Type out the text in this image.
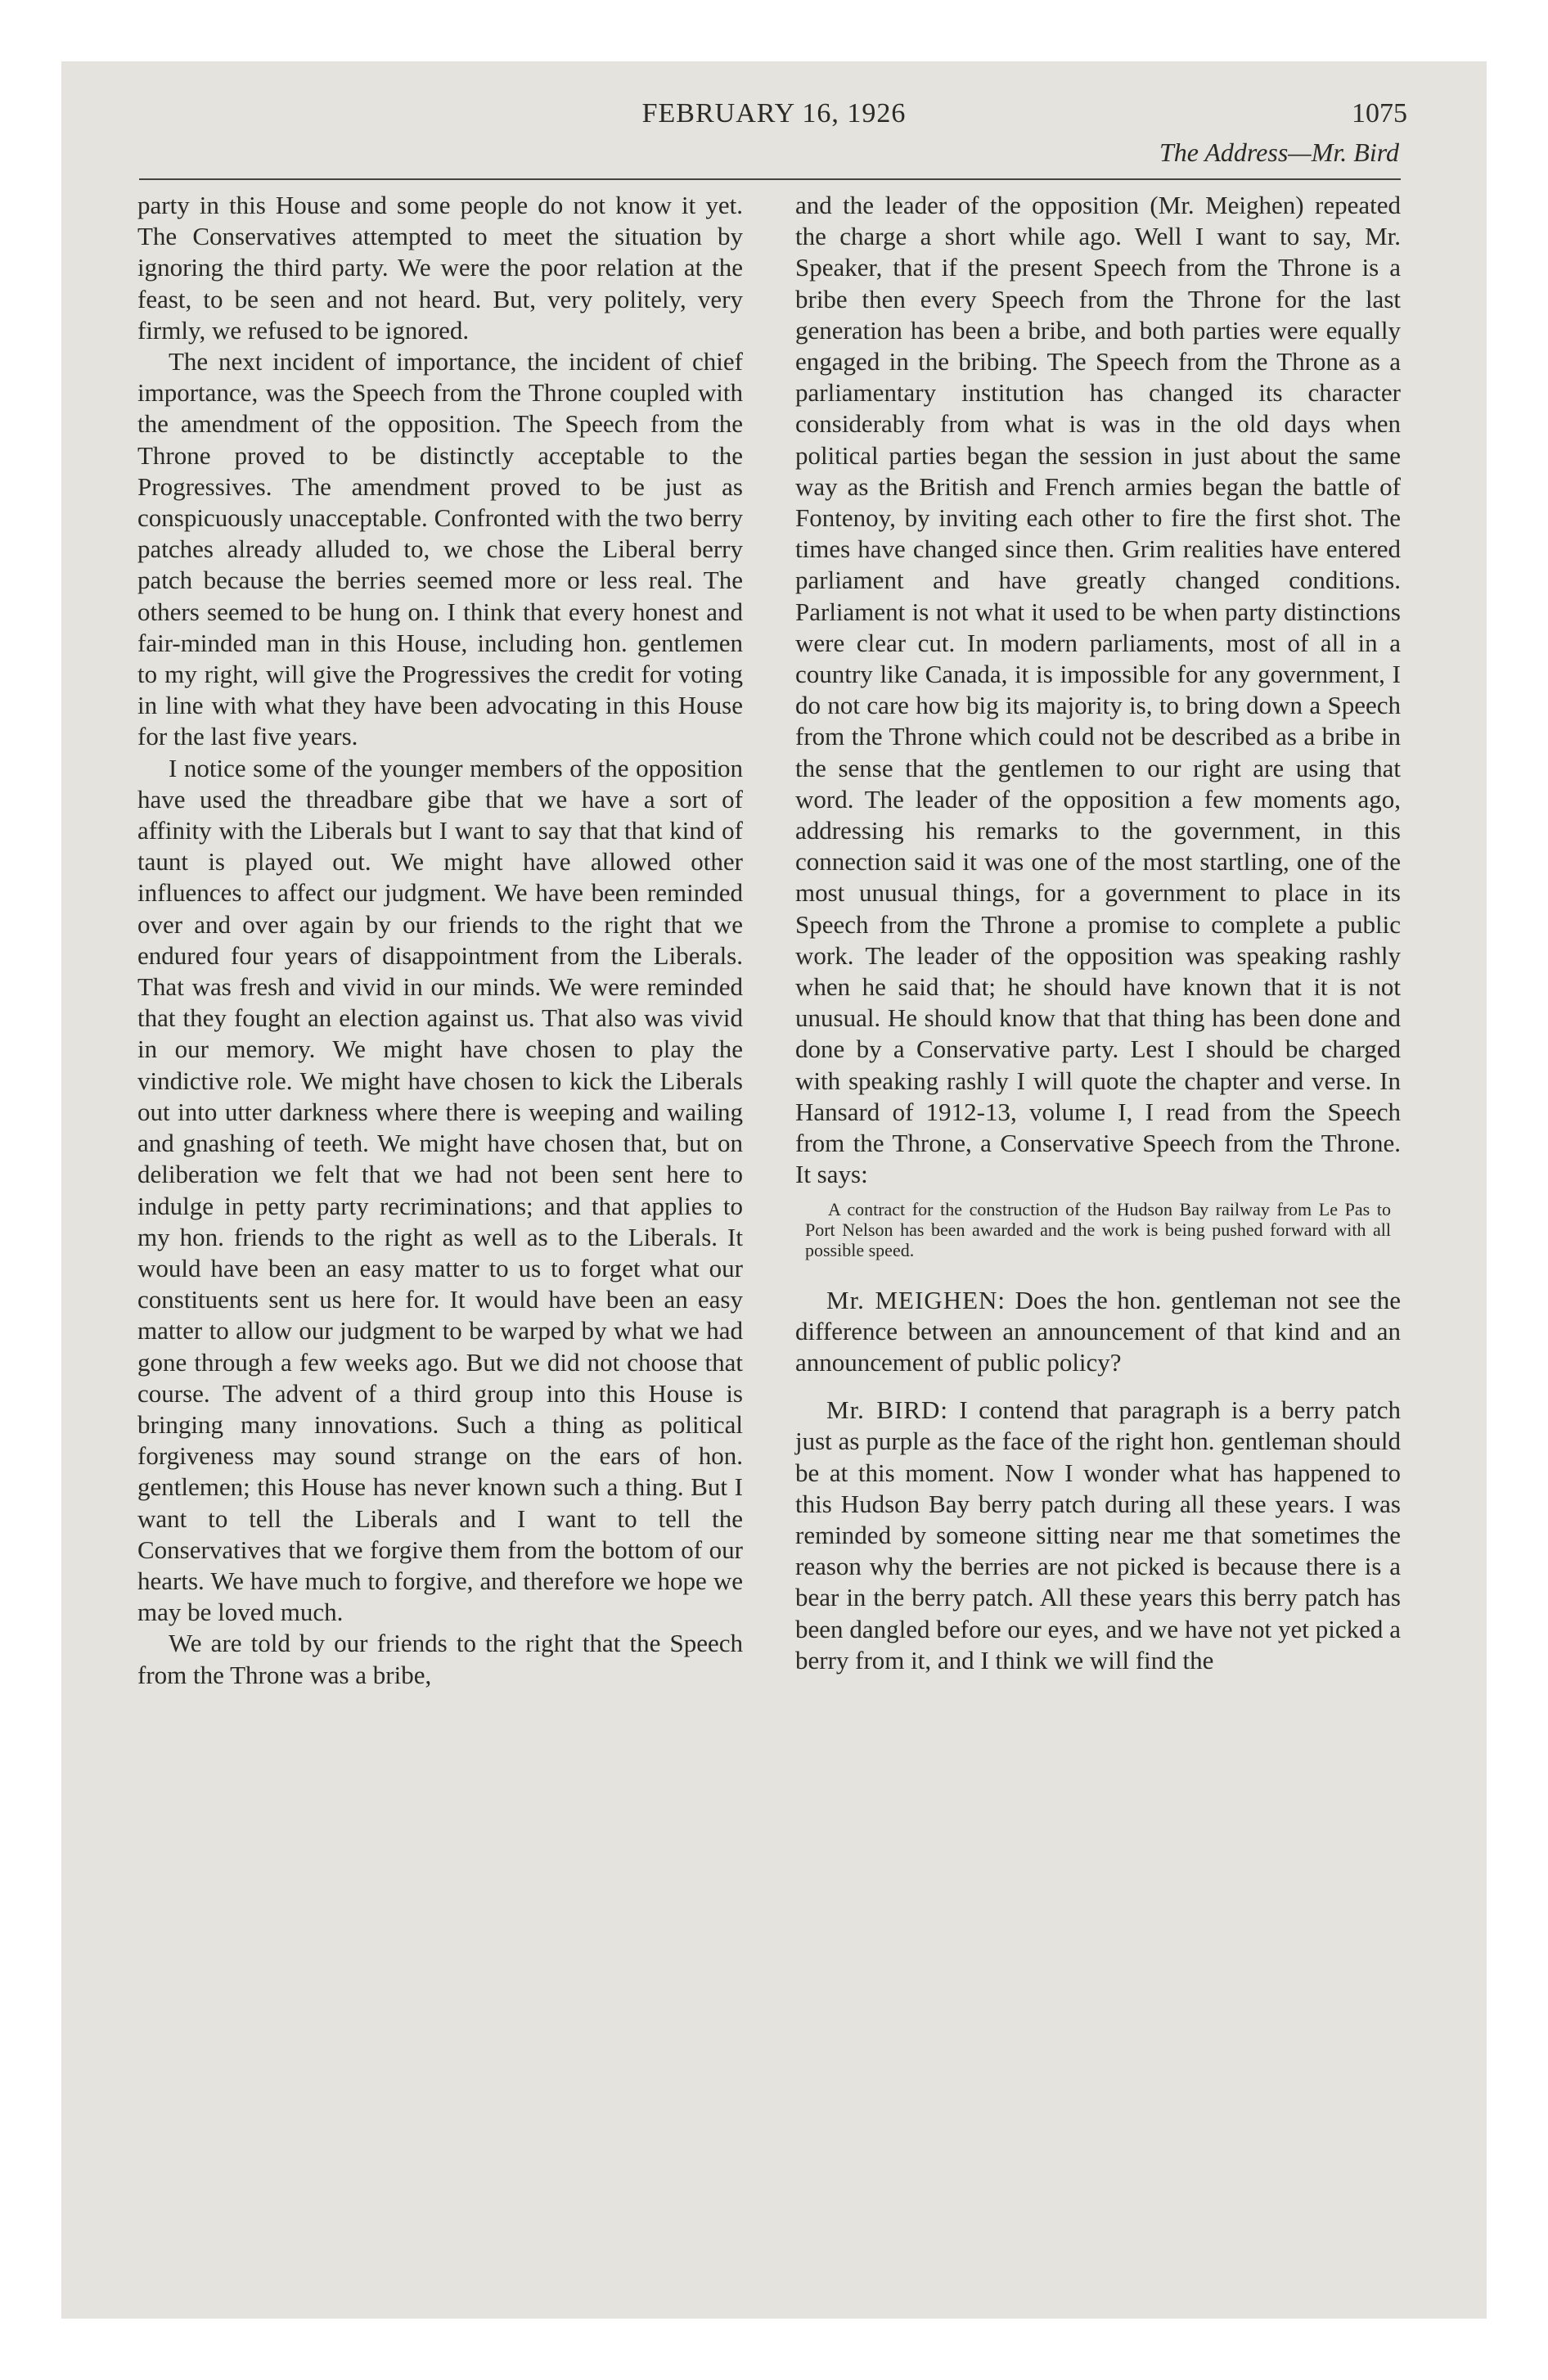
FEBRUARY 16, 1926	1075
The Address—Mr. Bird

party in this House and some people do not know it yet. The Conservatives attempted to meet the situation by ignoring the third party. We were the poor relation at the feast, to be seen and not heard. But, very politely, very firmly, we refused to be ignored.

The next incident of importance, the incident of chief importance, was the Speech from the Throne coupled with the amendment of the opposition. The Speech from the Throne proved to be distinctly acceptable to the Progressives. The amendment proved to be just as conspicuously unacceptable. Confronted with the two berry patches already alluded to, we chose the Liberal berry patch because the berries seemed more or less real. The others seemed to be hung on. I think that every honest and fair-minded man in this House, including hon. gentlemen to my right, will give the Progressives the credit for voting in line with what they have been advocating in this House for the last five years.

I notice some of the younger members of the opposition have used the threadbare gibe that we have a sort of affinity with the Liberals but I want to say that that kind of taunt is played out. We might have allowed other influences to affect our judgment. We have been reminded over and over again by our friends to the right that we endured four years of disappointment from the Liberals. That was fresh and vivid in our minds. We were reminded that they fought an election against us. That also was vivid in our memory. We might have chosen to play the vindictive role. We might have chosen to kick the Liberals out into utter darkness where there is weeping and wailing and gnashing of teeth. We might have chosen that, but on deliberation we felt that we had not been sent here to indulge in petty party recriminations; and that applies to my hon. friends to the right as well as to the Liberals. It would have been an easy matter to us to forget what our constituents sent us here for. It would have been an easy matter to allow our judgment to be warped by what we had gone through a few weeks ago. But we did not choose that course. The advent of a third group into this House is bringing many innovations. Such a thing as political forgiveness may sound strange on the ears of hon. gentlemen; this House has never known such a thing. But I want to tell the Liberals and I want to tell the Conservatives that we forgive them from the bottom of our hearts. We have much to forgive, and therefore we hope we may be loved much.

We are told by our friends to the right that the Speech from the Throne was a bribe,

and the leader of the opposition (Mr. Meighen) repeated the charge a short while ago. Well I want to say, Mr. Speaker, that if the present Speech from the Throne is a bribe then every Speech from the Throne for the last generation has been a bribe, and both parties were equally engaged in the bribing. The Speech from the Throne as a parliamentary institution has changed its character considerably from what is was in the old days when political parties began the session in just about the same way as the British and French armies began the battle of Fontenoy, by inviting each other to fire the first shot. The times have changed since then. Grim realities have entered parliament and have greatly changed conditions. Parliament is not what it used to be when party distinctions were clear cut. In modern parliaments, most of all in a country like Canada, it is impossible for any government, I do not care how big its majority is, to bring down a Speech from the Throne which could not be described as a bribe in the sense that the gentlemen to our right are using that word. The leader of the opposition a few moments ago, addressing his remarks to the government, in this connection said it was one of the most startling, one of the most unusual things, for a government to place in its Speech from the Throne a promise to complete a public work. The leader of the opposition was speaking rashly when he said that; he should have known that it is not unusual. He should know that that thing has been done and done by a Conservative party. Lest I should be charged with speaking rashly I will quote the chapter and verse. In Hansard of 1912-13, volume I, I read from the Speech from the Throne, a Conservative Speech from the Throne. It says:

A contract for the construction of the Hudson Bay railway from Le Pas to Port Nelson has been awarded and the work is being pushed forward with all possible speed.

Mr. MEIGHEN: Does the hon. gentleman not see the difference between an announcement of that kind and an announcement of public policy?

Mr. BIRD: I contend that paragraph is a berry patch just as purple as the face of the right hon. gentleman should be at this moment. Now I wonder what has happened to this Hudson Bay berry patch during all these years. I was reminded by someone sitting near me that sometimes the reason why the berries are not picked is because there is a bear in the berry patch. All these years this berry patch has been dangled before our eyes, and we have not yet picked a berry from it, and I think we will find the
